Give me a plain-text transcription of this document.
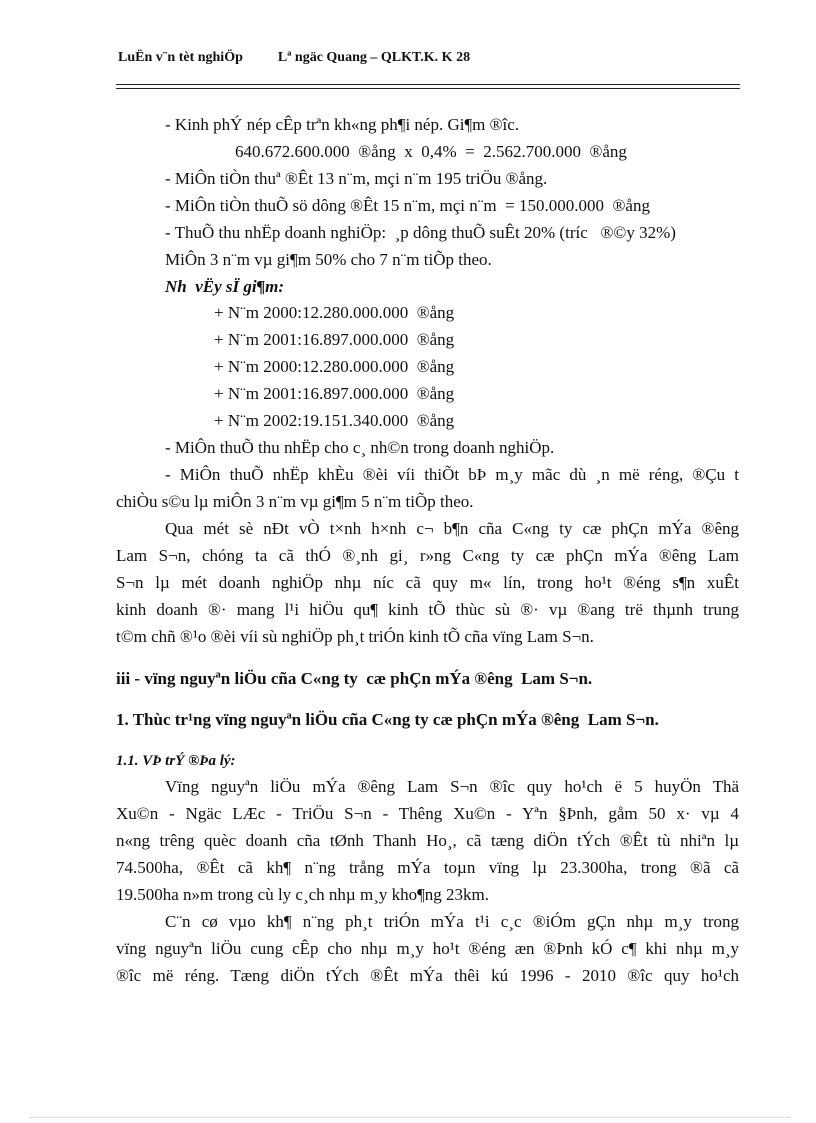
LuËn v¨n tèt nghiÖp	Lª ngäc Quang – QLKT.K. K 28
- Kinh phÝ nép cÊp trªn kh«ng ph¶i nép. Gi¶m ®îc.
640.672.600.000  ®ång  x  0,4%  =  2.562.700.000  ®ång
- MiÔn tiÒn thuª ®Êt 13 n¨m, mçi n¨m 195 triÖu ®ång.
- MiÔn tiÒn thuÕ sö dông ®Êt 15 n¨m, mçi n¨m  = 150.000.000  ®ång
- ThuÕ thu nhËp doanh nghiÖp:  ¸p dông thuÕ suÊt 20% (tríc   ®©y 32%)
MiÔn 3 n¨m vµ gi¶m 50% cho 7 n¨m tiÕp theo.
Nh  vËy sÏ gi¶m:
+ N¨m 2000:12.280.000.000  ®ång
+ N¨m 2001:16.897.000.000  ®ång
+ N¨m 2000:12.280.000.000  ®ång
+ N¨m 2001:16.897.000.000  ®ång
+ N¨m 2002:19.151.340.000  ®ång
- MiÔn thuÕ thu nhËp cho c¸ nh©n trong doanh nghiÖp.
- MiÔn thuÕ nhËp khÈu ®èi víi thiÕt bÞ m¸y mãc dù ¸n më réng, ®Çu t
chiÒu s©u lµ miÔn 3 n¨m vµ gi¶m 5 n¨m tiÕp theo.
Qua mét sè nÐt vÒ t×nh h×nh c¬ b¶n cña C«ng ty cæ phÇn mÝa ®êng
Lam S¬n, chóng ta cã thÓ ®¸nh gi¸ r»ng C«ng ty cæ phÇn mÝa ®êng Lam
S¬n lµ mét doanh nghiÖp nhµ níc cã quy m« lín, trong ho¹t ®éng s¶n xuÊt
kinh doanh ®· mang l¹i hiÖu qu¶ kinh tÕ thùc sù ®· vµ ®ang trë thµnh trung
t©m chñ ®¹o ®èi víi sù nghiÖp ph¸t triÓn kinh tÕ cña vïng Lam S¬n.
iii - vïng nguyªn liÖu cña C«ng ty  cæ phÇn mÝa ®êng  Lam S¬n.
1. Thùc tr¹ng vïng nguyªn liÖu cña C«ng ty cæ phÇn mÝa ®êng  Lam S¬n.
1.1. VÞ trÝ ®Þa lý:
Vïng nguyªn liÖu mÝa ®êng Lam S¬n ®îc quy ho¹ch ë 5 huyÖn Thä
Xu©n - Ngäc LÆc - TriÖu S¬n - Thêng Xu©n - Yªn §Þnh, gåm 50 x· vµ 4
n«ng trêng quèc doanh cña tØnh Thanh Ho¸, cã tæng diÖn tÝch ®Êt tù nhiªn lµ
74.500ha, ®Êt cã kh¶ n¨ng trång mÝa toµn vïng lµ 23.300ha, trong ®ã cã
19.500ha n»m trong cù ly c¸ch nhµ m¸y kho¶ng 23km.
C¨n cø vµo kh¶ n¨ng ph¸t triÓn mÝa t¹i c¸c ®iÓm gÇn nhµ m¸y trong
vïng nguyªn liÖu cung cÊp cho nhµ m¸y ho¹t ®éng æn ®Þnh kÓ c¶ khi nhµ m¸y
®îc më réng. Tæng diÖn tÝch ®Êt mÝa thêi kú 1996 - 2010 ®îc quy ho¹ch
